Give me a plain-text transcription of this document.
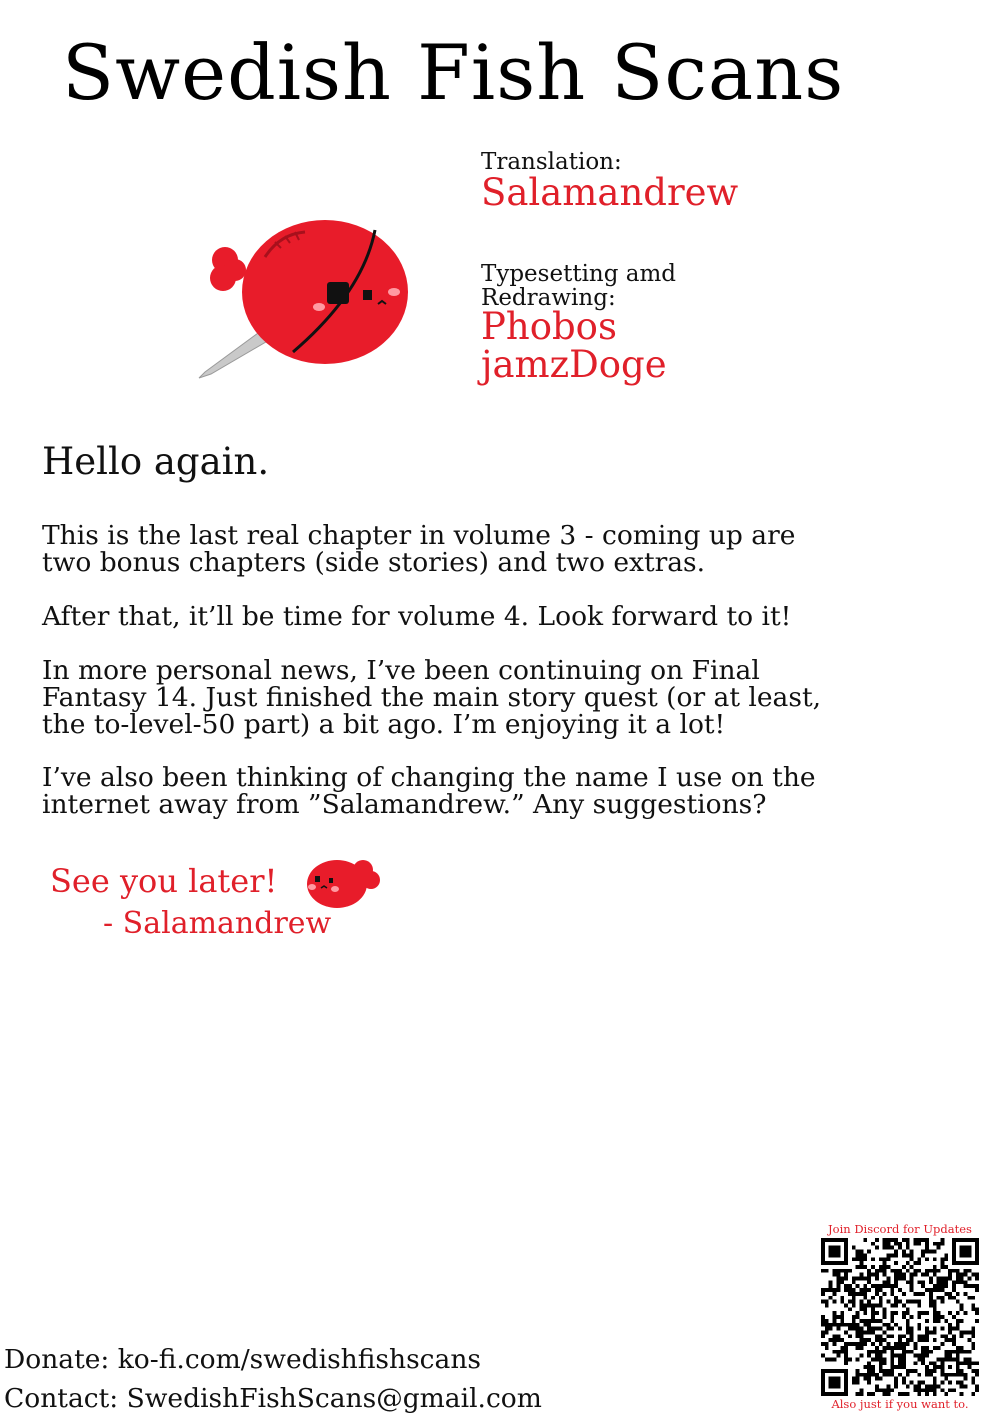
Swedish Fish Scans
Translation:
Salamandrew
Typesetting amd
Redrawing:
Phobos
jamzDoge
Hello again.
This is the last real chapter in volume 3 - coming up are
two bonus chapters (side stories) and two extras.
After that, it’ll be time for volume 4. Look forward to it!
In more personal news, I’ve been continuing on Final
Fantasy 14. Just finished the main story quest (or at least,
the to-level-50 part) a bit ago. I’m enjoying it a lot!
I’ve also been thinking of changing the name I use on the
internet away from ”Salamandrew.” Any suggestions?
See you later!
- Salamandrew
Donate: ko-fi.com/swedishfishscans
Contact: SwedishFishScans@gmail.com
Join Discord for Updates
Also just if you want to.
